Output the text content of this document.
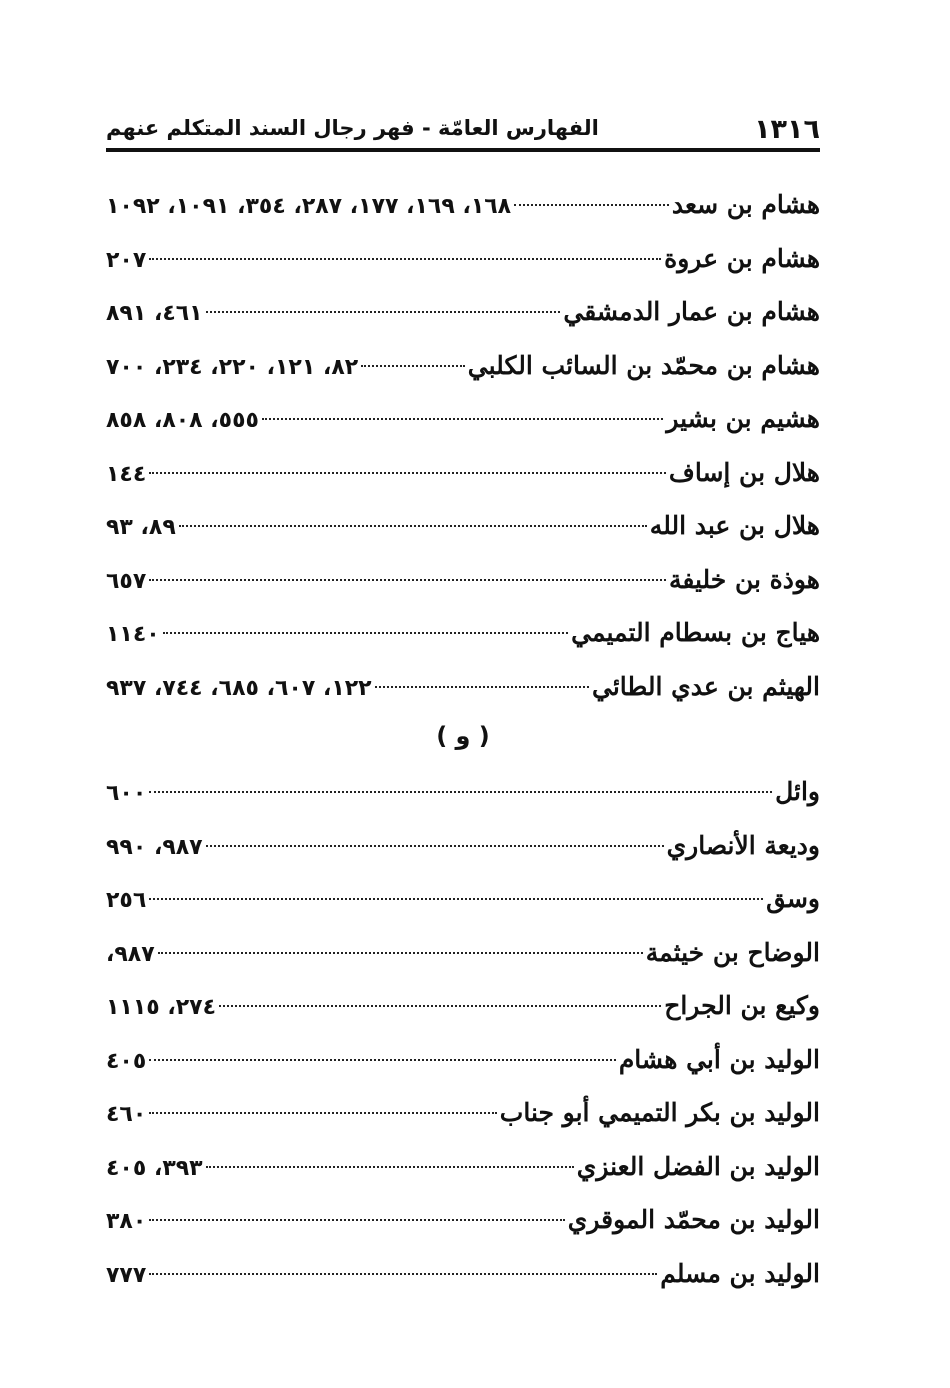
١٣١٦
الفهارس العامّة - فهر رجال السند المتكلم عنهم
هشام بن سعد
١٦٨، ١٦٩، ١٧٧، ٢٨٧، ٣٥٤، ١٠٩١، ١٠٩٢
هشام بن عروة
٢٠٧
هشام بن عمار الدمشقي
٤٦١، ٨٩١
هشام بن محمّد بن السائب الكلبي
٨٢، ١٢١، ٢٢٠، ٢٣٤، ٧٠٠
هشيم بن بشير
٥٥٥، ٨٠٨، ٨٥٨
هلال بن إساف
١٤٤
هلال بن عبد الله
٨٩، ٩٣
هوذة بن خليفة
٦٥٧
هياج بن بسطام التميمي
١١٤٠
الهيثم بن عدي الطائي
١٢٢، ٦٠٧، ٦٨٥، ٧٤٤، ٩٣٧
( و )
وائل
٦٠٠
وديعة الأنصاري
٩٨٧، ٩٩٠
وسق
٢٥٦
الوضاح بن خيثمة
٩٨٧،
وكيع بن الجراح
٢٧٤، ١١١٥
الوليد بن أبي هشام
٤٠٥
الوليد بن بكر التميمي أبو جناب
٤٦٠
الوليد بن الفضل العنزي
٣٩٣، ٤٠٥
الوليد بن محمّد الموقري
٣٨٠
الوليد بن مسلم
٧٧٧
